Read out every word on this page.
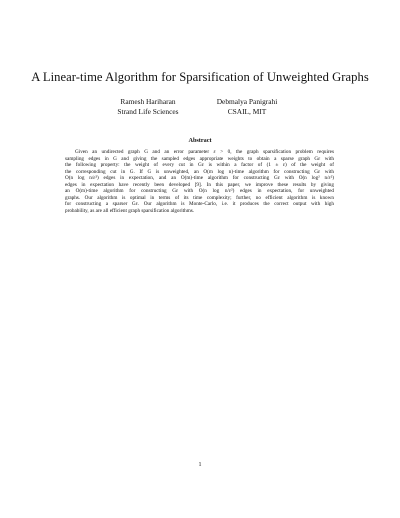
A Linear-time Algorithm for Sparsification of Unweighted Graphs
Ramesh Hariharan
Strand Life Sciences
Debmalya Panigrahi
CSAIL, MIT
Abstract
Given an undirected graph G and an error parameter ε > 0, the graph sparsification problem requires
sampling edges in G and giving the sampled edges appropriate weights to obtain a sparse graph Gε with
the following property: the weight of every cut in Gε is within a factor of (1 ± ε) of the weight of
the corresponding cut in G. If G is unweighted, an O(m log n)-time algorithm for constructing Gε with
O(n log n/ε²) edges in expectation, and an O(m)-time algorithm for constructing Gε with O(n log² n/ε²)
edges in expectation have recently been developed [9]. In this paper, we improve these results by giving
an O(m)-time algorithm for constructing Gε with O(n log n/ε²) edges in expectation, for unweighted
graphs. Our algorithm is optimal in terms of its time complexity; further, no efficient algorithm is known
for constructing a sparser Gε. Our algorithm is Monte-Carlo, i.e. it produces the correct output with high
probability, as are all efficient graph sparsification algorithms.
1
